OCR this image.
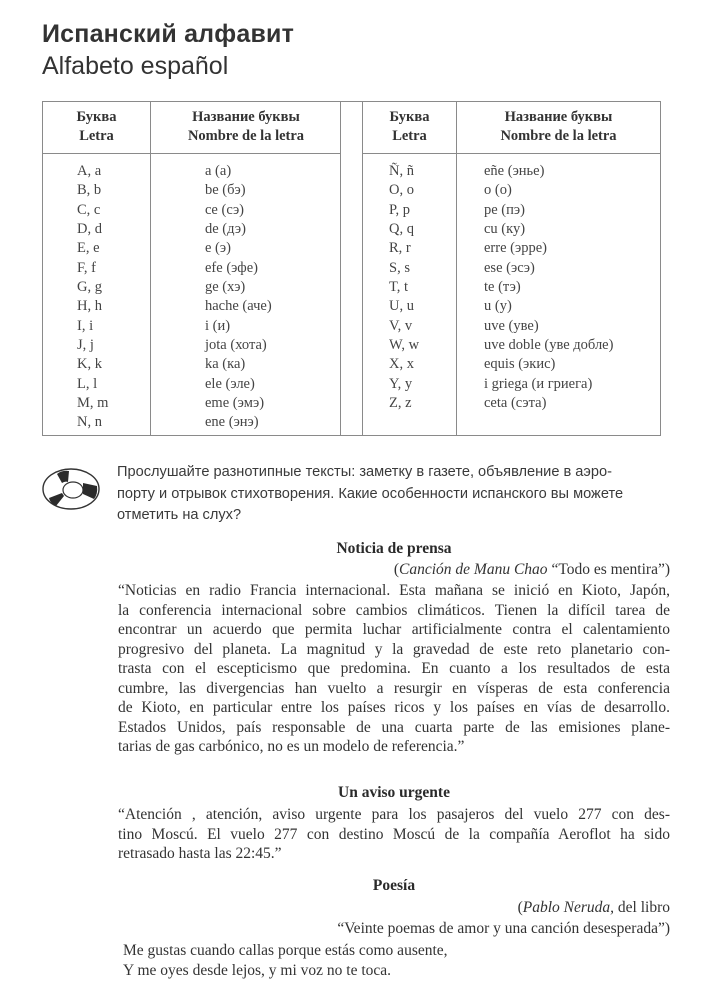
Испанский алфавит
Alfabeto español
Буква
Letra
Название буквы
Nombre de la letra
A, a	a (а)
B, b	be (бэ)
C, c	ce (сэ)
D, d	de (дэ)
E, e	e (э)
F, f	efe (эфе)
G, g	ge (хэ)
H, h	hache (аче)
I, i	i (и)
J, j	jota (хота)
K, k	ka (ка)
L, l	ele (эле)
M, m	eme (эмэ)
N, n	ene (энэ)
Буква
Letra
Название буквы
Nombre de la letra
Ñ, ñ	eñe (энье)
O, o	o (о)
P, p	pe (пэ)
Q, q	cu (ку)
R, r	erre (эрре)
S, s	ese (эсэ)
T, t	te (тэ)
U, u	u (у)
V, v	uve (уве)
W, w	uve doble (уве добле)
X, x	equis (экис)
Y, y	i griega (и гриега)
Z, z	ceta (сэта)
Прослушайте разнотипные тексты: заметку в газете, объявление в аэро-
порту и отрывок стихотворения. Какие особенности испанского вы можете
отметить на слух?
Noticia de prensa
(Canción de Manu Chao “Todo es mentira”)
“Noticias en radio Francia internacional. Esta mañana se inició en Kioto, Japón,
la conferencia internacional sobre cambios climáticos. Tienen la difícil tarea de
encontrar un acuerdo que permita luchar artificialmente contra el calentamiento
progresivo del planeta. La magnitud y la gravedad de este reto planetario con-
trasta con el escepticismo que predomina. En cuanto a los resultados de esta
cumbre, las divergencias han vuelto a resurgir en vísperas de esta conferencia
de Kioto, en particular entre los países ricos y los países en vías de desarrollo.
Estados Unidos, país responsable de una cuarta parte de las emisiones plane-
tarias de gas carbónico, no es un modelo de referencia.”
Un aviso urgente
“Atención , atención, aviso urgente para los pasajeros del vuelo 277 con des-
tino Moscú. El vuelo 277 con destino Moscú de la compañía Aeroflot ha sido
retrasado hasta las 22:45.”
Poesía
(Pablo Neruda, del libro
“Veinte poemas de amor y una canción desesperada”)
Me gustas cuando callas porque estás como ausente,
Y me oyes desde lejos, y mi voz no te toca.
